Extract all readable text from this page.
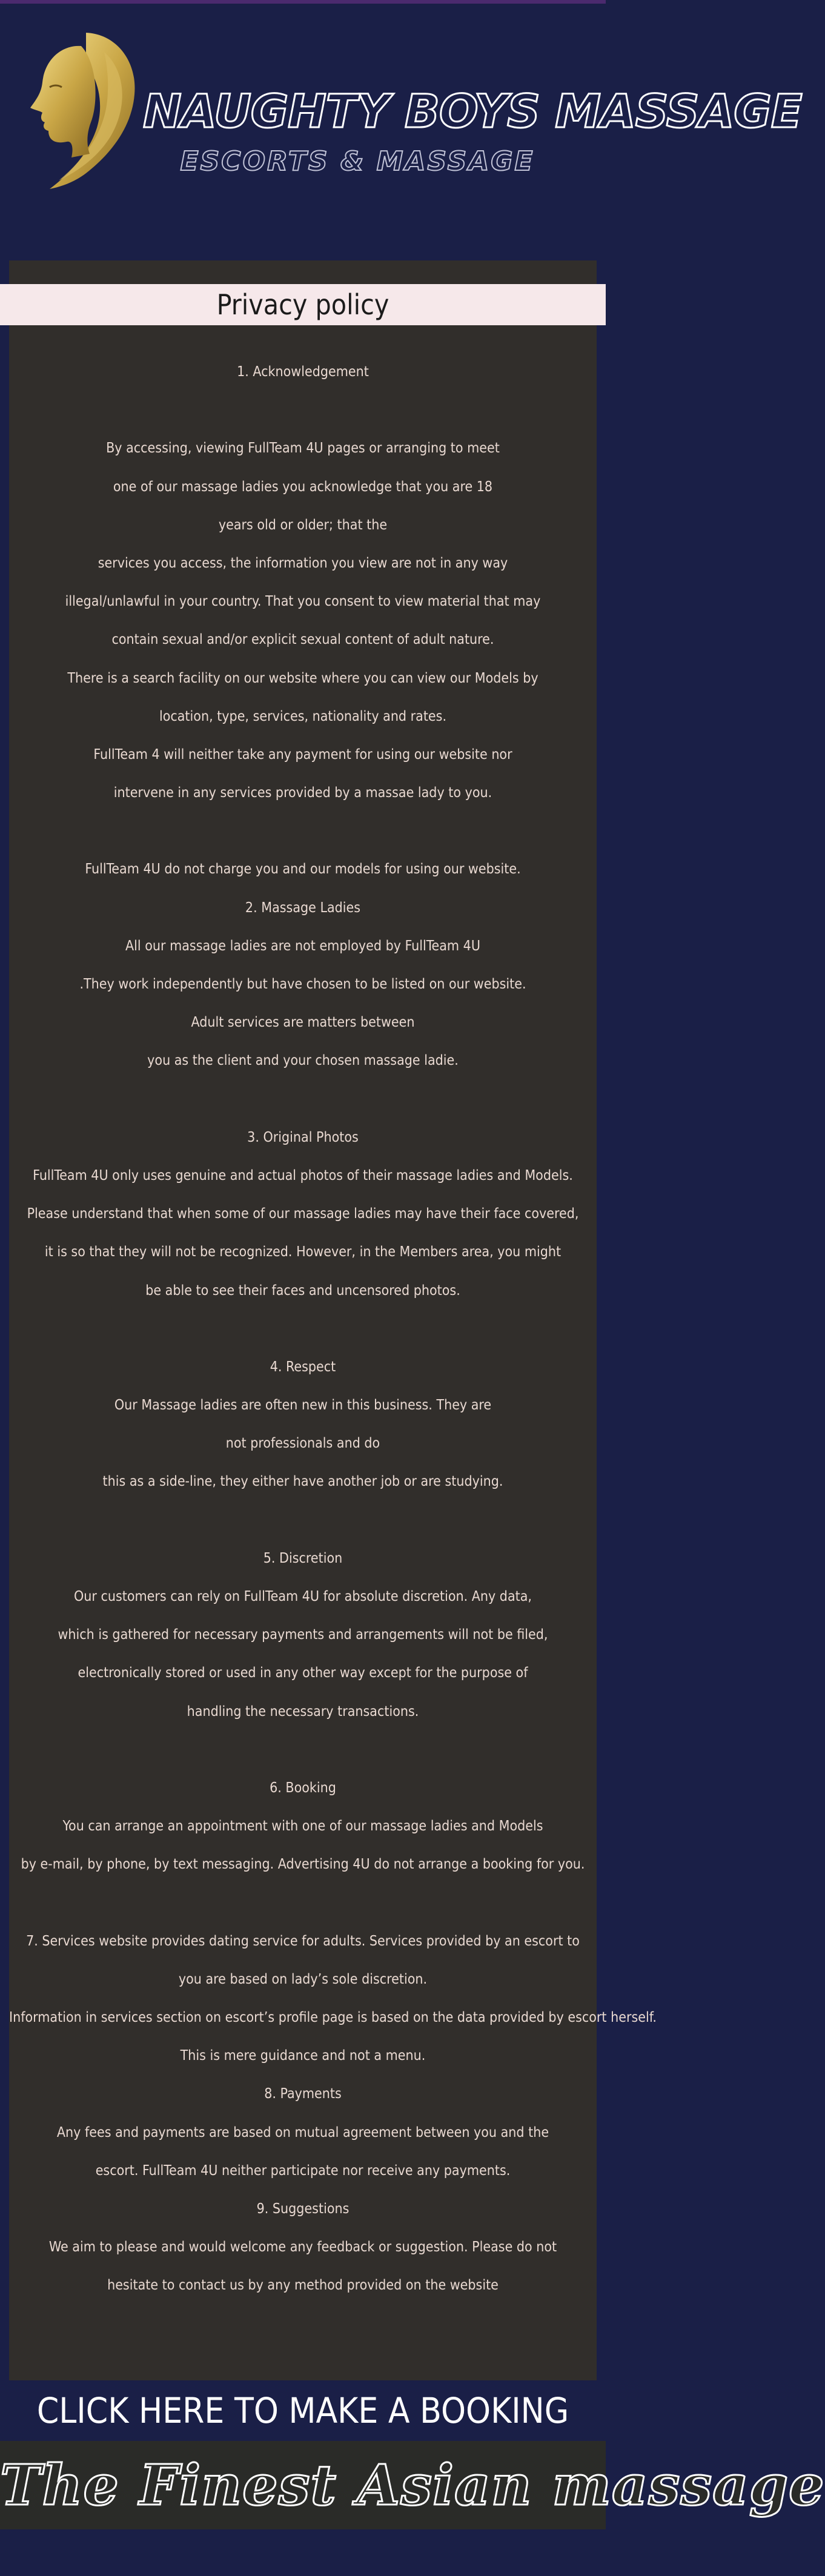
NAUGHTY BOYS MASSAGE
ESCORTS & MASSAGE
Privacy policy
1. Acknowledgement
By accessing, viewing FullTeam 4U pages or arranging to meet
one of our massage ladies you acknowledge that you are 18
years old or older; that the
services you access, the information you view are not in any way
illegal/unlawful in your country. That you consent to view material that may
contain sexual and/or explicit sexual content of adult nature.
There is a search facility on our website where you can view our Models by
location, type, services, nationality and rates.
FullTeam 4 will neither take any payment for using our website nor
intervene in any services provided by a massae lady to you.
FullTeam 4U do not charge you and our models for using our website.
2. Massage Ladies
All our massage ladies are not employed by FullTeam 4U
.They work independently but have chosen to be listed on our website.
Adult services are matters between
you as the client and your chosen massage ladie.
3. Original Photos
FullTeam 4U only uses genuine and actual photos of their massage ladies and Models.
Please understand that when some of our massage ladies may have their face covered,
it is so that they will not be recognized. However, in the Members area, you might
be able to see their faces and uncensored photos.
4. Respect
Our Massage ladies are often new in this business. They are
not professionals and do
this as a side-line, they either have another job or are studying.
5. Discretion
Our customers can rely on FullTeam 4U for absolute discretion. Any data,
which is gathered for necessary payments and arrangements will not be filed,
electronically stored or used in any other way except for the purpose of
handling the necessary transactions.
6. Booking
You can arrange an appointment with one of our massage ladies and Models
by e-mail, by phone, by text messaging. Advertising 4U do not arrange a booking for you.
7. Services website provides dating service for adults. Services provided by an escort to
you are based on lady’s sole discretion.
Information in services section on escort’s profile page is based on the data provided by escort herself.
This is mere guidance and not a menu.
8. Payments
Any fees and payments are based on mutual agreement between you and the
escort. FullTeam 4U neither participate nor receive any payments.
9. Suggestions
We aim to please and would welcome any feedback or suggestion. Please do not
hesitate to contact us by any method provided on the website
CLICK HERE TO MAKE A BOOKING
The Finest Asian massage
